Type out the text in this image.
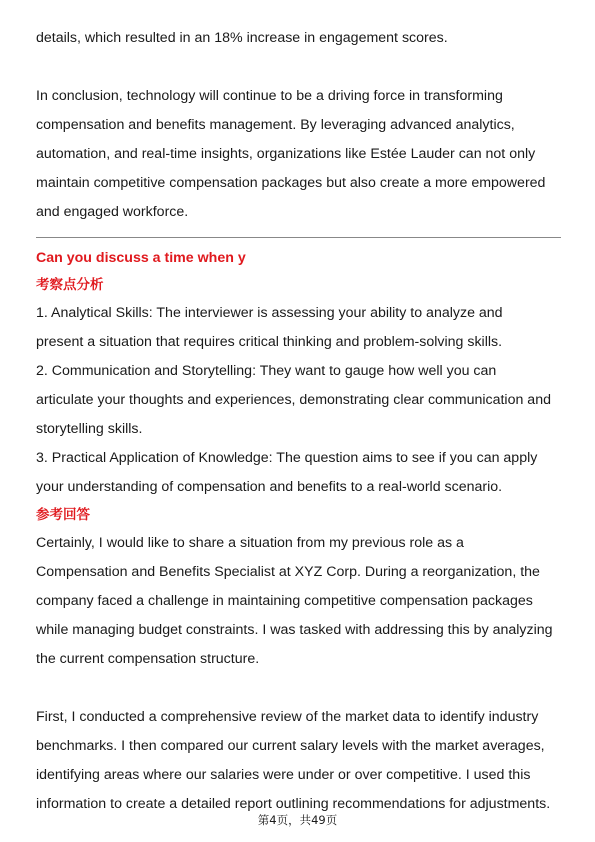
details, which resulted in an 18% increase in engagement scores.

In conclusion, technology will continue to be a driving force in transforming

compensation and benefits management. By leveraging advanced analytics,

automation, and real-time insights, organizations like Estée Lauder can not only

maintain competitive compensation packages but also create a more empowered

and engaged workforce.

Can you discuss a time when y

考察点分析

1. Analytical Skills: The interviewer is assessing your ability to analyze and

present a situation that requires critical thinking and problem-solving skills.

2. Communication and Storytelling: They want to gauge how well you can

articulate your thoughts and experiences, demonstrating clear communication and

storytelling skills.

3. Practical Application of Knowledge: The question aims to see if you can apply

your understanding of compensation and benefits to a real-world scenario.

参考回答

Certainly, I would like to share a situation from my previous role as a

Compensation and Benefits Specialist at XYZ Corp. During a reorganization, the

company faced a challenge in maintaining competitive compensation packages

while managing budget constraints. I was tasked with addressing this by analyzing

the current compensation structure.

First, I conducted a comprehensive review of the market data to identify industry

benchmarks. I then compared our current salary levels with the market averages,

identifying areas where our salaries were under or over competitive. I used this

information to create a detailed report outlining recommendations for adjustments.

第4页，共49页
